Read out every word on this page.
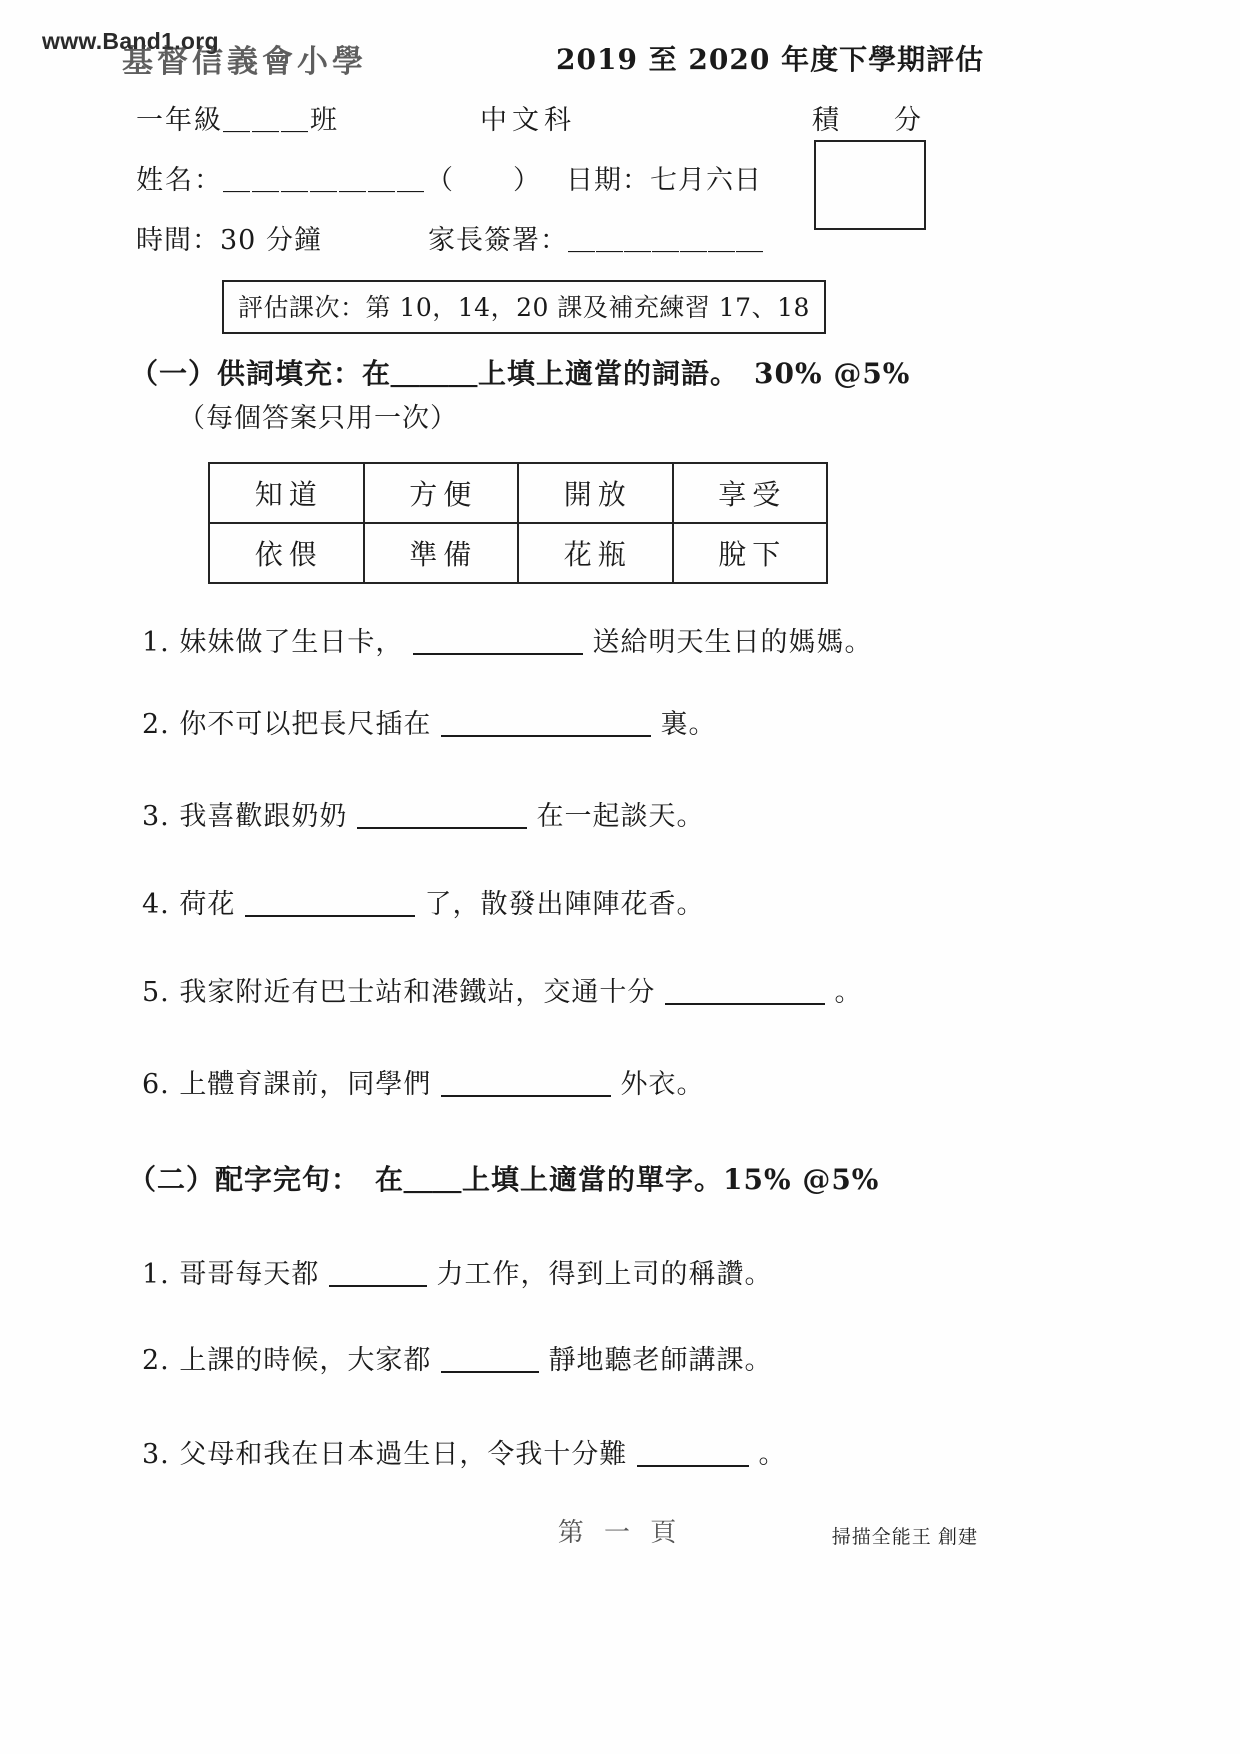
www.Band1.org
基督信義會小學	2019 至 2020 年度下學期評估
一年級＿＿＿班	中文科	積　分
姓名：＿＿＿＿＿＿＿（　　） 日期：七月六日
時間：30 分鐘	家長簽署：＿＿＿＿＿＿＿
評估課次：第 10，14，20 課及補充練習 17、18
（一）供詞填充：在＿＿＿上填上適當的詞語。　30% @5%
（每個答案只用一次）
知道	方便	開放	享受
依偎	準備	花瓶	脫下
1. 妹妹做了生日卡，	送給明天生日的媽媽。
2. 你不可以把長尺插在	裏。
3. 我喜歡跟奶奶	在一起談天。
4. 荷花	了，散發出陣陣花香。
5. 我家附近有巴士站和港鐵站，交通十分	。
6. 上體育課前，同學們	外衣。
（二）配字完句：　在＿＿上填上適當的單字。15% @5%
1. 哥哥每天都	力工作，得到上司的稱讚。
2. 上課的時候，大家都	靜地聽老師講課。
3. 父母和我在日本過生日，令我十分難	。
第 一 頁	掃描全能王 創建
